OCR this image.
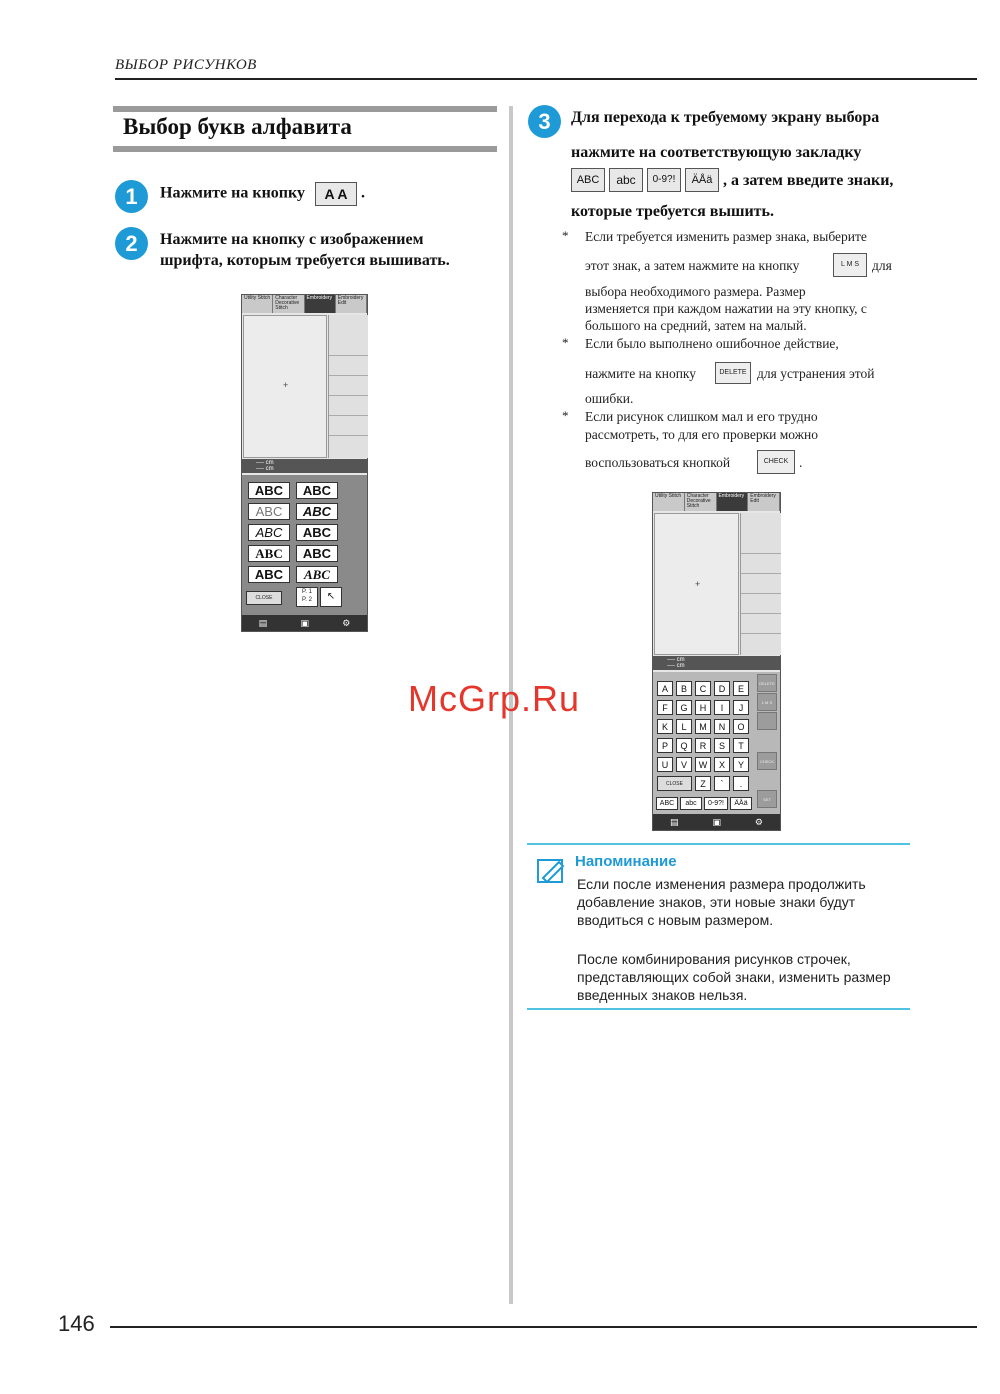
ВЫБОР РИСУНКОВ
Выбор букв алфавита
1	Нажмите на кнопку A A .
2	Нажмите на кнопку с изображением
шрифта, которым требуется вышивать.
Utility Stitch	Character Decorative Stitch
Embroidery	Embroidery Edit
+
---- cm
---- cm
ABC	ABC
ABC	ABC
ABC	ABC
ABC	ABC
ABC	ABC
CLOSE
P. 1
P. 2	↖
▤	▣	⚙
McGrp.Ru
3	Для перехода к требуемому экрану выбора
нажмите на соответствующую закладку
ABC	abc	0-9?!	ÄÅä , а затем введите знаки,
которые требуется вышить.
* Если требуется изменить размер знака, выберите
этот знак, а затем нажмите на кнопку	L M S для
выбора необходимого размера. Размер
изменяется при каждом нажатии на эту кнопку, с
большого на средний, затем на малый.
* Если было выполнено ошибочное действие,
нажмите на кнопку	DELETE для устранения этой
ошибки.
* Если рисунок слишком мал и его трудно
рассмотреть, то для его проверки можно
воспользоваться кнопкой	CHECK .
Utility Stitch	Character Decorative Stitch
Embroidery	Embroidery Edit
+
---- cm
---- cm
A	B	C	D	E
F	G	H	I	J
K	L	M	N	O
P	Q	R	S	T
U	V	W	X	Y
CLOSE	Z	`	.
DELETE
L M S
CHECK
SET
ABC	abc	0-9?!	ÄÅä
▤	▣	⚙
Напоминание
Если после изменения размера продолжить добавление знаков, эти новые знаки будут вводиться с новым размером.
После комбинирования рисунков строчек, представляющих собой знаки, изменить размер введенных знаков нельзя.
146
